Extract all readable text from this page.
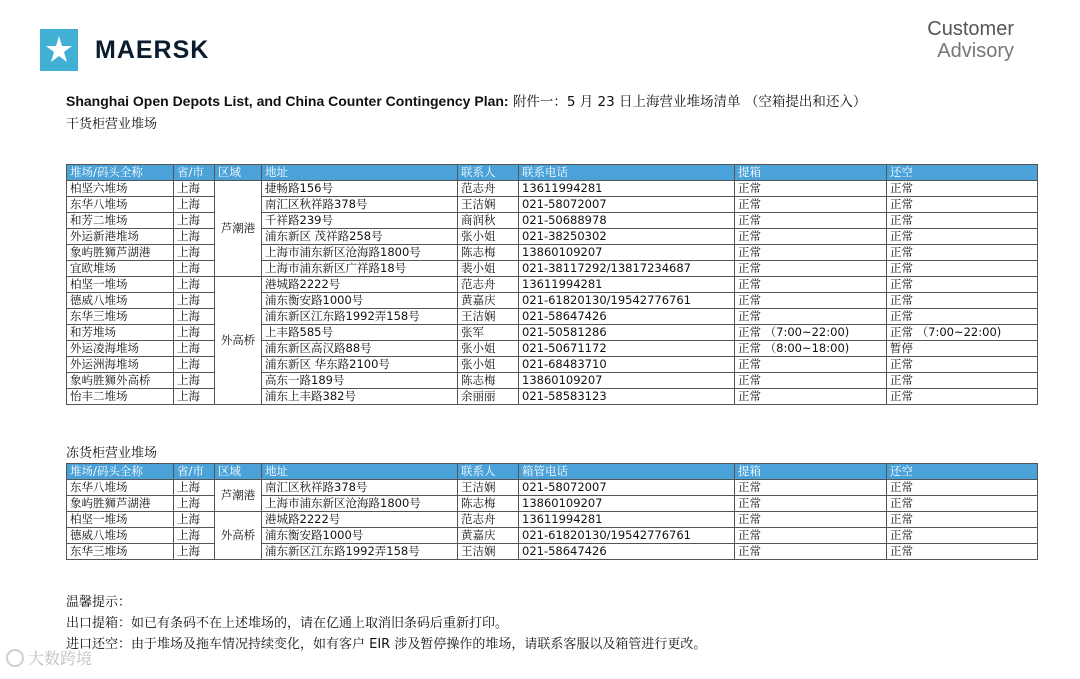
MAERSK
Customer
Advisory
Shanghai Open Depots List, and China Counter Contingency Plan: 附件一：5 月 23 日上海营业堆场清单 （空箱提出和还入）
干货柜营业堆场
堆场/码头全称	省/市	区域	地址	联系人	联系电话	提箱	还空
柏坚六堆场	上海	芦潮港	捷畅路156号	范志舟	13611994281	正常	正常
东华八堆场	上海		南汇区秋祥路378号	王洁娴	021-58072007	正常	正常
和芳二堆场	上海		千祥路239号	商润秋	021-50688978	正常	正常
外运新港堆场	上海		浦东新区 茂祥路258号	张小姐	021-38250302	正常	正常
象屿胜狮芦湖港	上海		上海市浦东新区沧海路1800号	陈志梅	13860109207	正常	正常
宜欧堆场	上海		上海市浦东新区广祥路18号	裴小姐	021-38117292/13817234687	正常	正常
柏坚一堆场	上海	外高桥	港城路2222号	范志舟	13611994281	正常	正常
德威八堆场	上海		浦东衡安路1000号	黄嘉庆	021-61820130/19542776761	正常	正常
东华三堆场	上海		浦东新区江东路1992弄158号	王洁娴	021-58647426	正常	正常
和芳堆场	上海		上丰路585号	张军	021-50581286	正常 （7:00~22:00)	正常 （7:00~22:00)
外运凌海堆场	上海		浦东新区高汉路88号	张小姐	021-50671172	正常 （8:00~18:00)	暂停
外运洲海堆场	上海		浦东新区 华东路2100号	张小姐	021-68483710	正常	正常
象屿胜狮外高桥	上海		高东一路189号	陈志梅	13860109207	正常	正常
怡丰二堆场	上海		浦东上丰路382号	余丽丽	021-58583123	正常	正常
冻货柜营业堆场
堆场/码头全称	省/市	区域	地址	联系人	箱管电话	提箱	还空
东华八堆场	上海	芦潮港	南汇区秋祥路378号	王洁娴	021-58072007	正常	正常
象屿胜狮芦湖港	上海		上海市浦东新区沧海路1800号	陈志梅	13860109207	正常	正常
柏坚一堆场	上海	外高桥	港城路2222号	范志舟	13611994281	正常	正常
德威八堆场	上海		浦东衡安路1000号	黄嘉庆	021-61820130/19542776761	正常	正常
东华三堆场	上海		浦东新区江东路1992弄158号	王洁娴	021-58647426	正常	正常
温馨提示：
出口提箱：如已有条码不在上述堆场的，请在亿通上取消旧条码后重新打印。
进口还空：由于堆场及拖车情况持续变化，如有客户 EIR 涉及暂停操作的堆场，请联系客服以及箱管进行更改。
大数跨境
